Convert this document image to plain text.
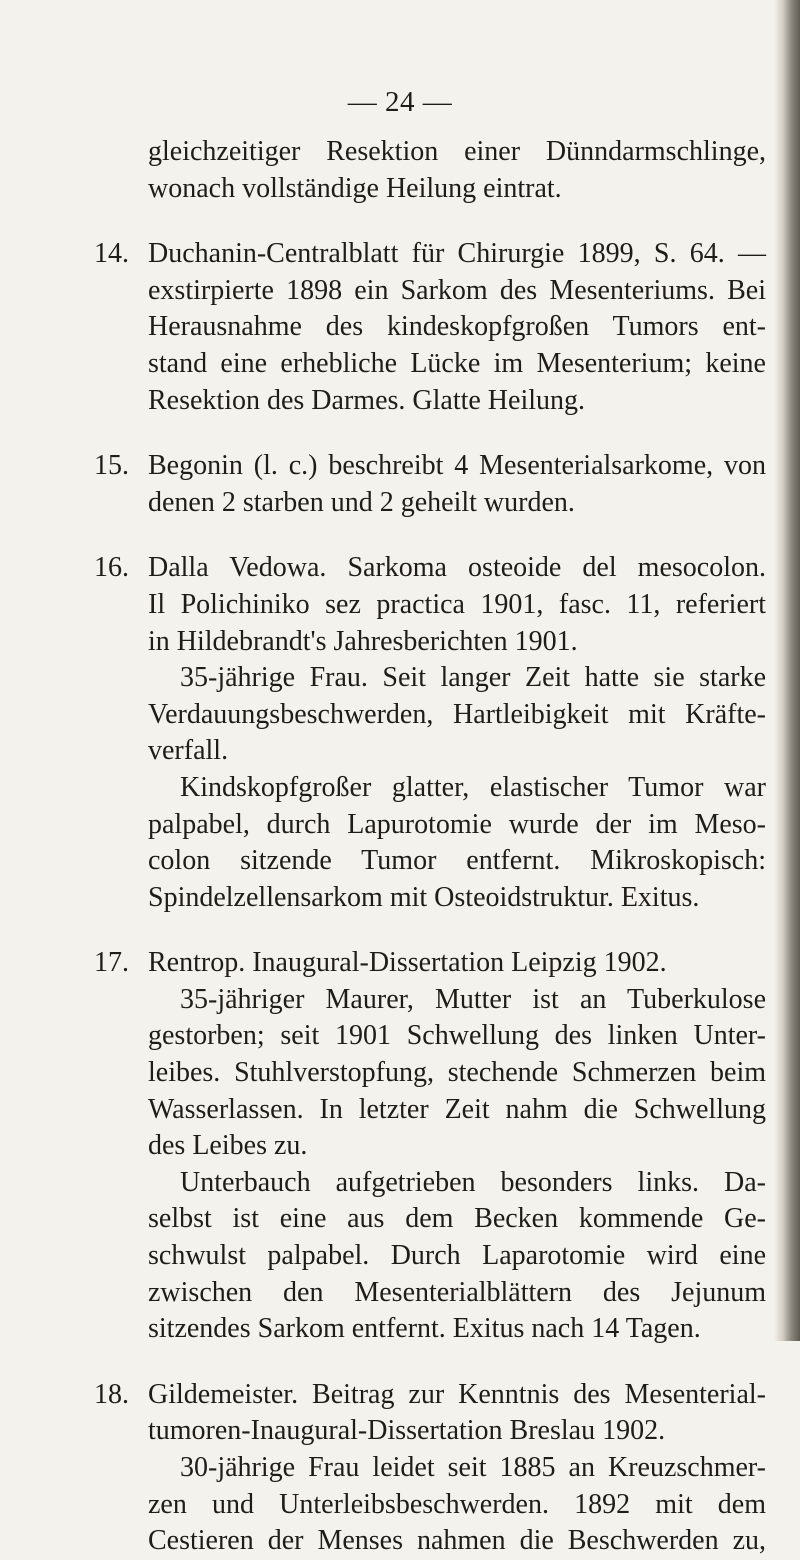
— 24 —

gleichzeitiger Resektion einer Dünndarmschlinge,

wonach vollständige Heilung eintrat.

14. Duchanin-Centralblatt für Chirurgie 1899, S. 64. —

exstirpierte 1898 ein Sarkom des Mesenteriums. Bei

Herausnahme des kindeskopfgroßen Tumors ent-

stand eine erhebliche Lücke im Mesenterium; keine

Resektion des Darmes. Glatte Heilung.

15. Begonin (l. c.) beschreibt 4 Mesenterialsarkome, von

denen 2 starben und 2 geheilt wurden.

16. Dalla Vedowa. Sarkoma osteoide del mesocolon.

Il Polichiniko sez practica 1901, fasc. 11, referiert

in Hildebrandt's Jahresberichten 1901.

35-jährige Frau. Seit langer Zeit hatte sie starke

Verdauungsbeschwerden, Hartleibigkeit mit Kräfte-

verfall.

Kindskopfgroßer glatter, elastischer Tumor war

palpabel, durch Lapurotomie wurde der im Meso-

colon sitzende Tumor entfernt. Mikroskopisch:

Spindelzellensarkom mit Osteoidstruktur. Exitus.

17. Rentrop. Inaugural-Dissertation Leipzig 1902.

35-jähriger Maurer, Mutter ist an Tuberkulose

gestorben; seit 1901 Schwellung des linken Unter-

leibes. Stuhlverstopfung, stechende Schmerzen beim

Wasserlassen. In letzter Zeit nahm die Schwellung

des Leibes zu.

Unterbauch aufgetrieben besonders links. Da-

selbst ist eine aus dem Becken kommende Ge-

schwulst palpabel. Durch Laparotomie wird eine

zwischen den Mesenterialblättern des Jejunum

sitzendes Sarkom entfernt. Exitus nach 14 Tagen.

18. Gildemeister. Beitrag zur Kenntnis des Mesenterial-

tumoren-Inaugural-Dissertation Breslau 1902.

30-jährige Frau leidet seit 1885 an Kreuzschmer-

zen und Unterleibsbeschwerden. 1892 mit dem

Cestieren der Menses nahmen die Beschwerden zu,
